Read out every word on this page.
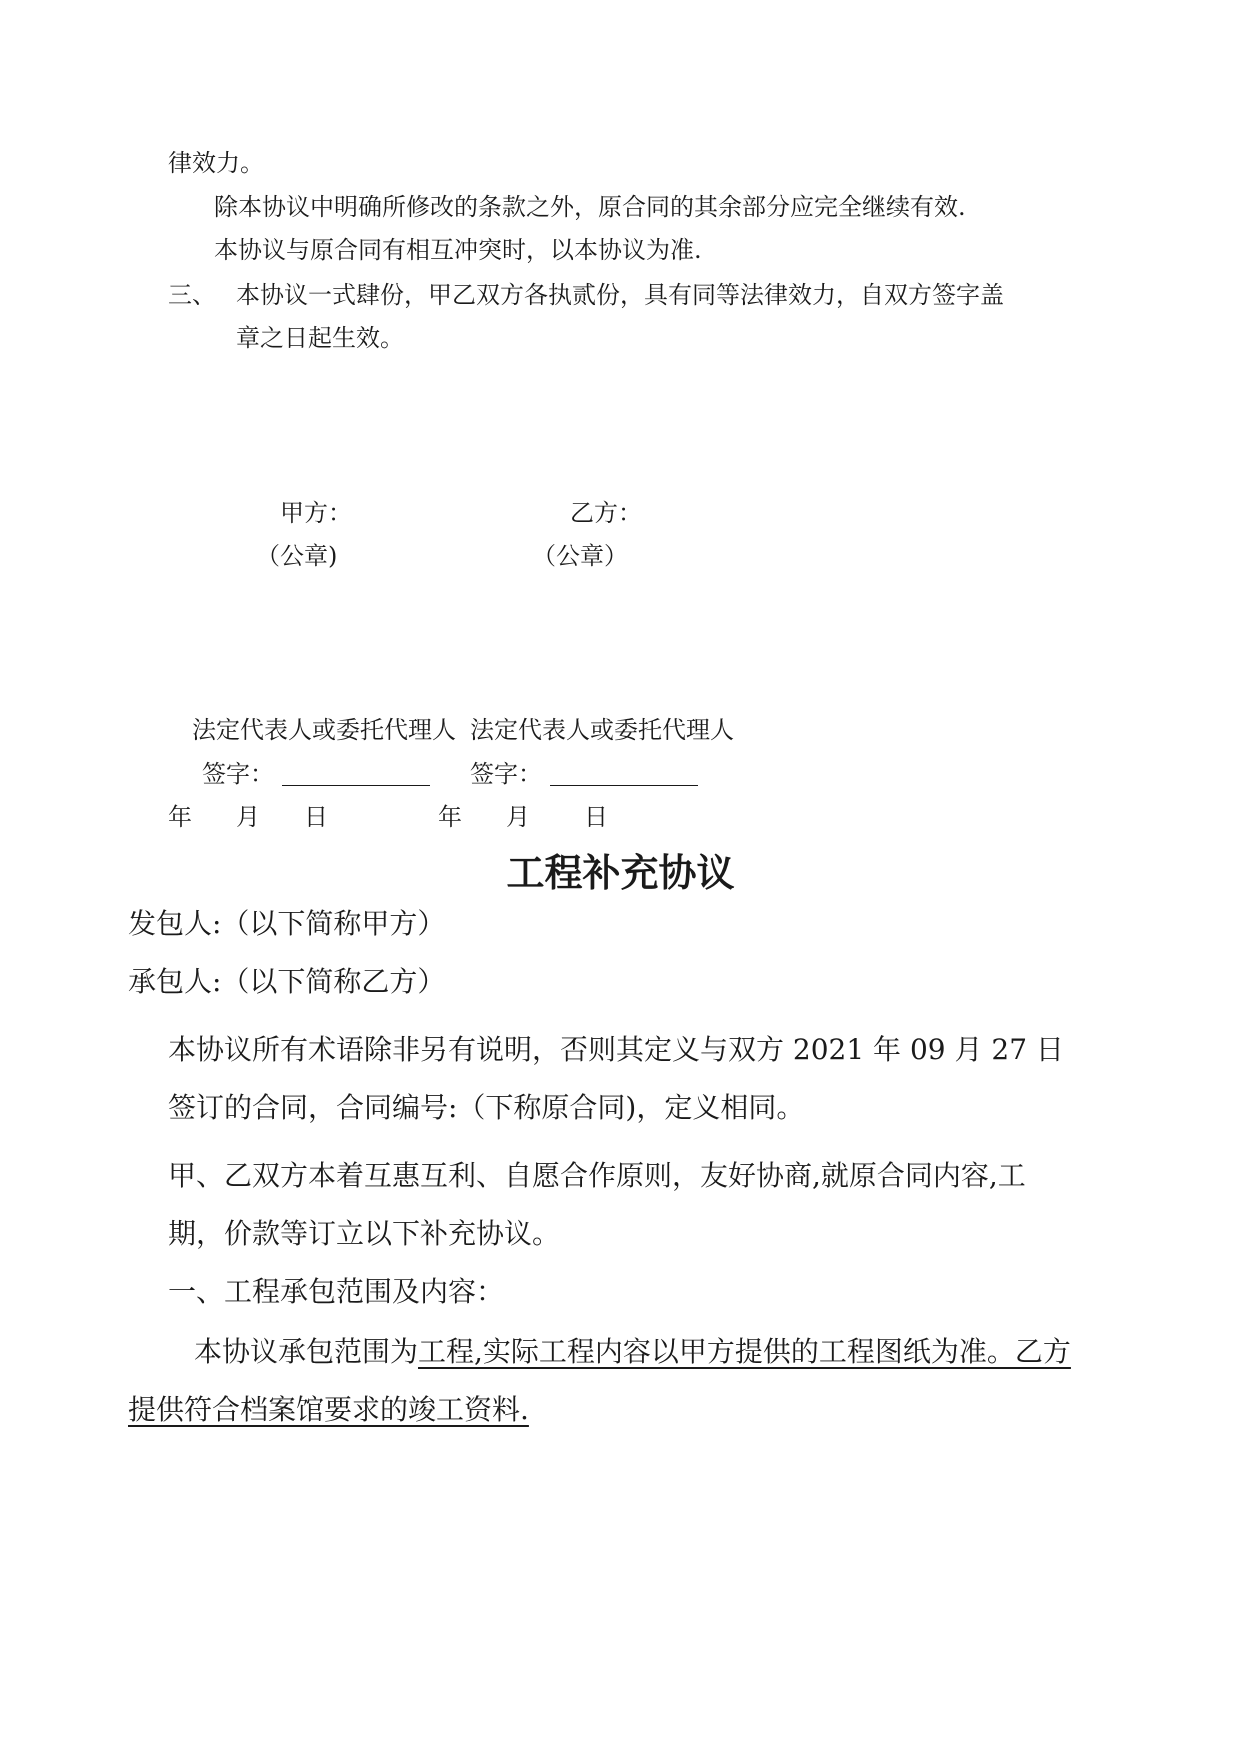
律效力。
除本协议中明确所修改的条款之外，原合同的其余部分应完全继续有效.
本协议与原合同有相互冲突时，以本协议为准.
三、 本协议一式肆份，甲乙双方各执贰份，具有同等法律效力，自双方签字盖
章之日起生效。
甲方：	乙方：
（公章)	（公章）
法定代表人或委托代理人 法定代表人或委托代理人
签字：	签字：
年 月 日	年 月 日
工程补充协议
发包人:（以下简称甲方）
承包人:（以下简称乙方）
本协议所有术语除非另有说明，否则其定义与双方 2021 年 09 月 27 日
签订的合同，合同编号:（下称原合同)，定义相同。
甲、乙双方本着互惠互利、自愿合作原则，友好协商,就原合同内容,工
期，价款等订立以下补充协议。
一、工程承包范围及内容：
本协议承包范围为工程,实际工程内容以甲方提供的工程图纸为准。乙方
提供符合档案馆要求的竣工资料.
